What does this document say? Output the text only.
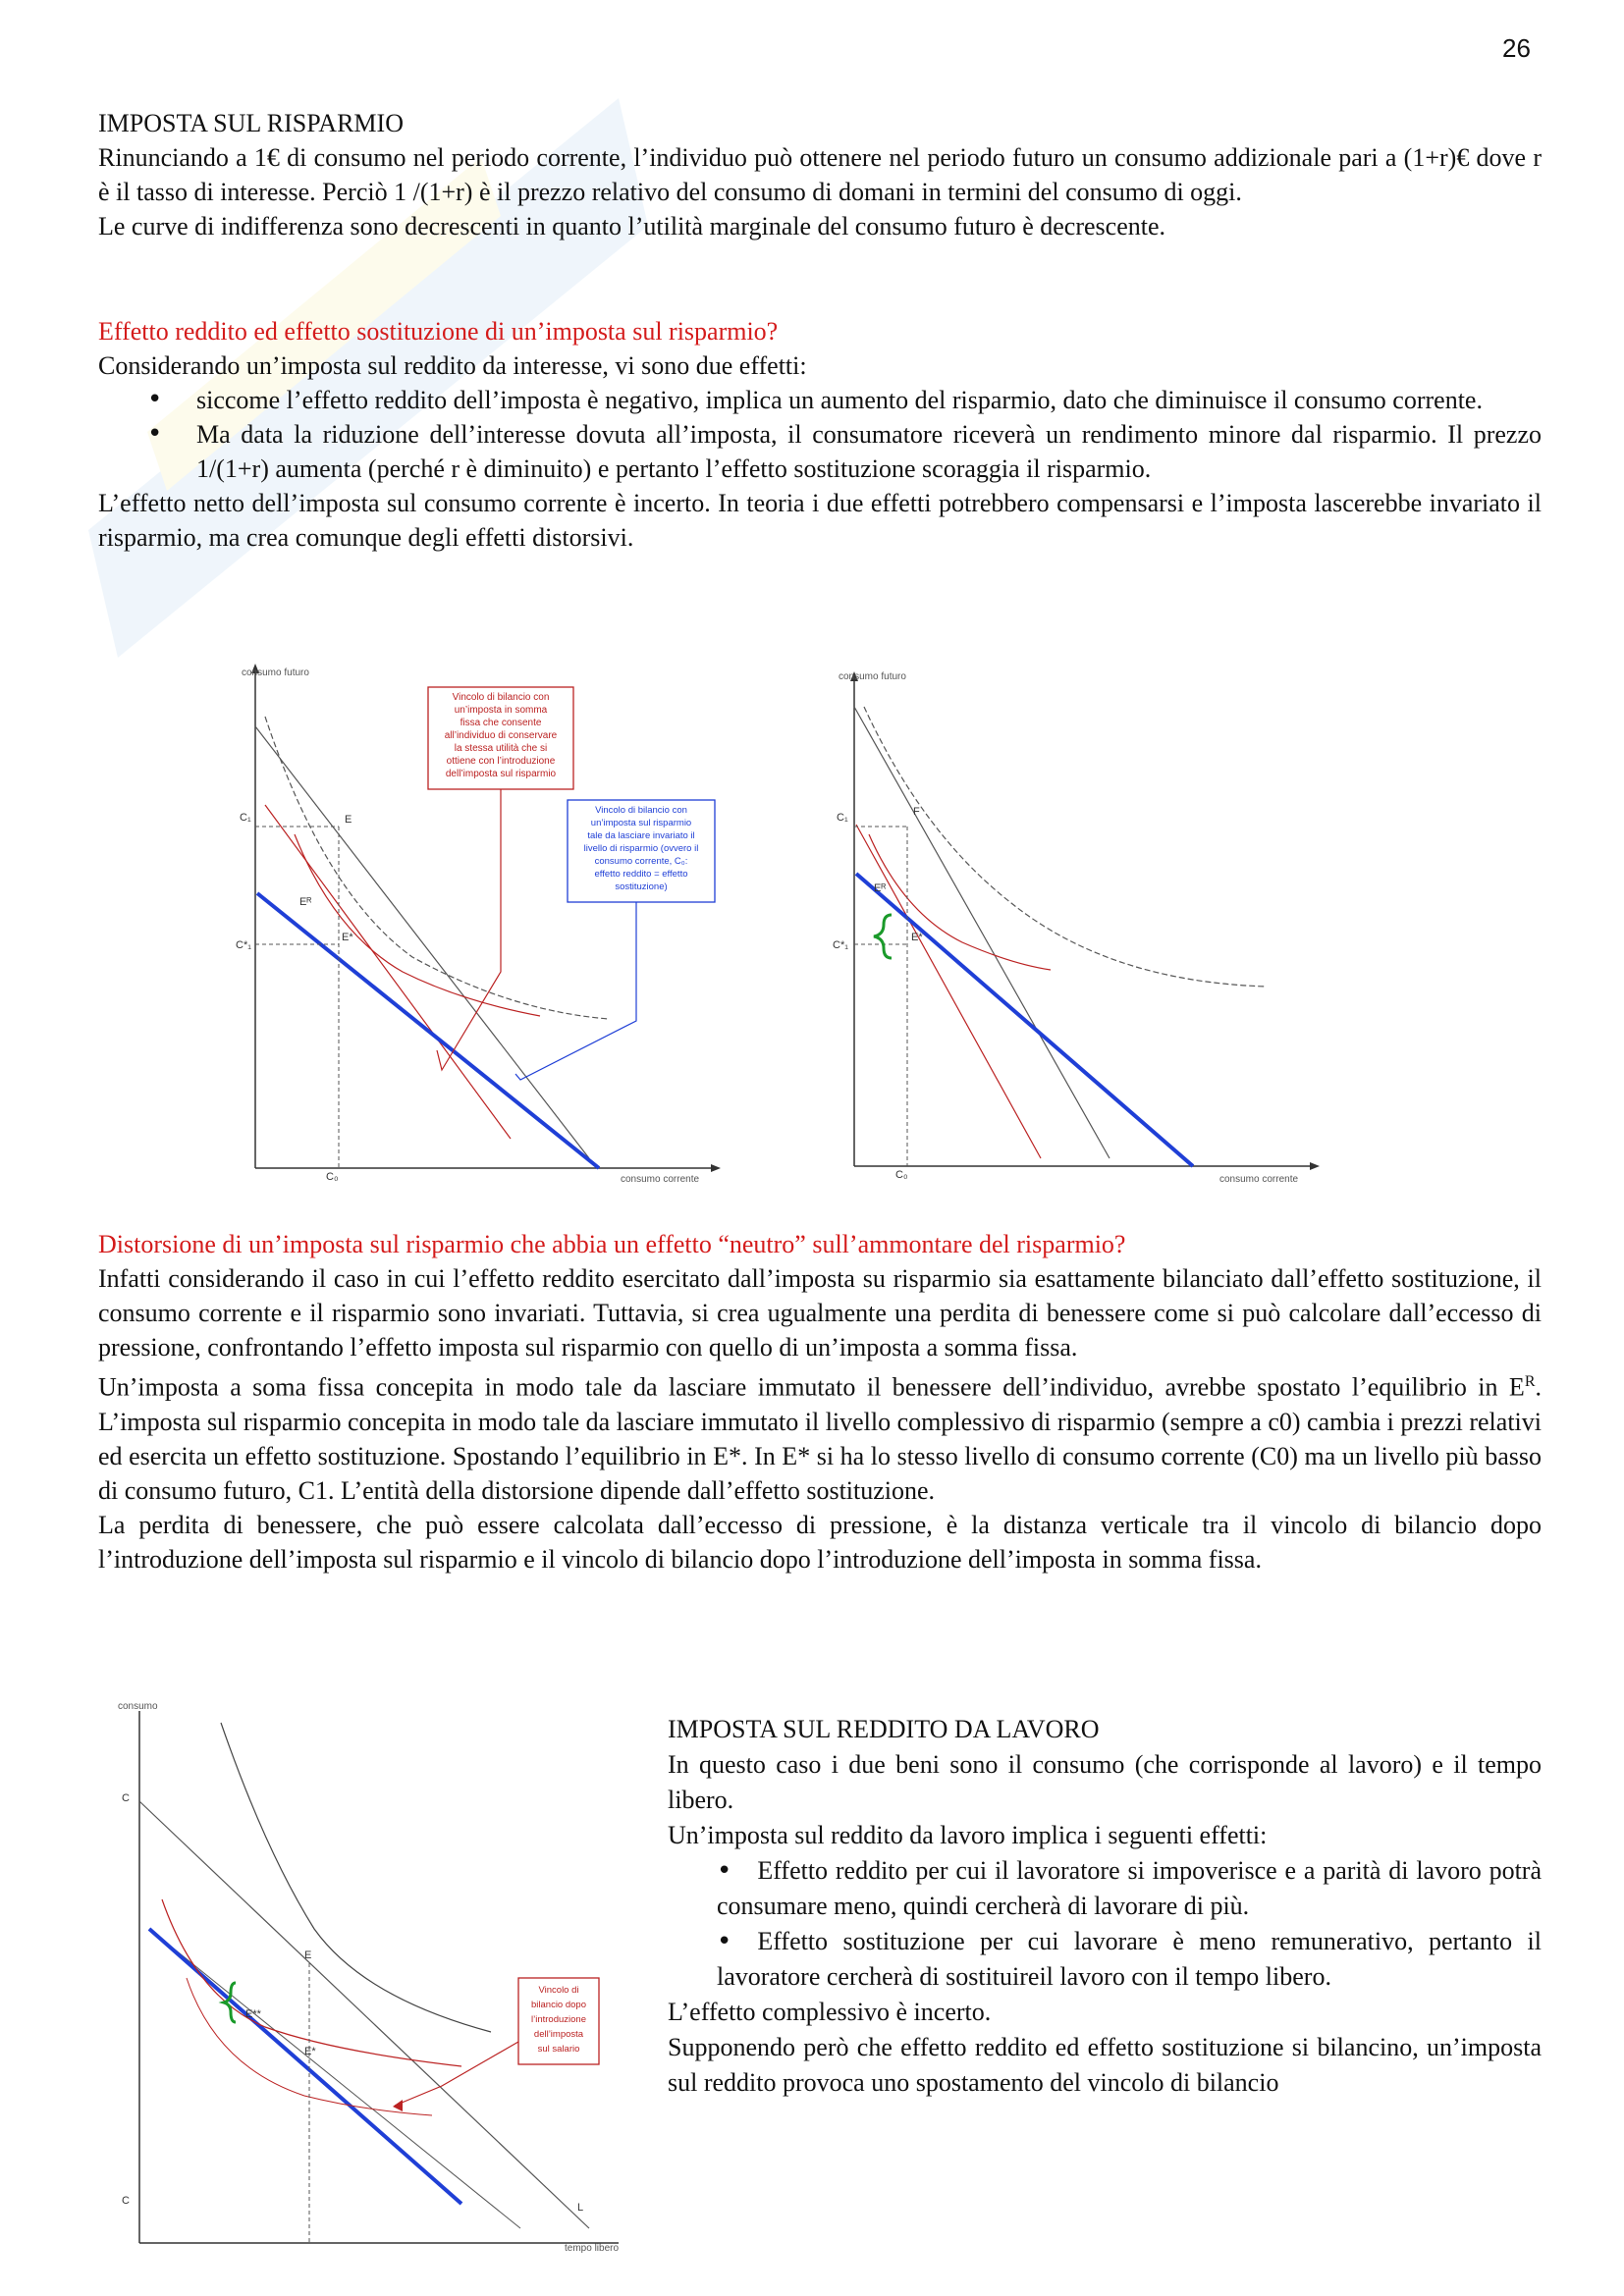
26

IMPOSTA SUL RISPARMIO

Rinunciando a 1€ di consumo nel periodo corrente, l’individuo può ottenere nel periodo futuro un consumo addizionale pari a (1+r)€ dove r è il tasso di interesse. Perciò 1 /(1+r) è il prezzo relativo del consumo di domani in termini del consumo di oggi.

Le curve di indifferenza sono decrescenti in quanto l’utilità marginale del consumo futuro è decrescente.

Effetto reddito ed effetto sostituzione di un’imposta sul risparmio?

Considerando un’imposta sul reddito da interesse, vi sono due effetti:

• siccome l’effetto reddito dell’imposta è negativo, implica un aumento del risparmio, dato che diminuisce il consumo corrente.
• Ma data la riduzione dell’interesse dovuta all’imposta, il consumatore riceverà un rendimento minore dal risparmio. Il prezzo 1/(1+r) aumenta (perché r è diminuito) e pertanto l’effetto sostituzione scoraggia il risparmio.

L’effetto netto dell’imposta sul consumo corrente è incerto. In teoria i due effetti potrebbero compensarsi e l’imposta lascerebbe invariato il risparmio, ma crea comunque degli effetti distorsivi.

consumo futuro
consumo corrente
C₁
C*₁
C₀
E
Eᴿ
E*
Vincolo di bilancio con
un’imposta in somma
fissa che consente
all’individuo di conservare
la stessa utilità che si
ottiene con l’introduzione
dell’imposta sul risparmio
Vincolo di bilancio con
un’imposta sul risparmio
tale da lasciare invariato il
livello di risparmio (ovvero il
consumo corrente, C₀:
effetto reddito = effetto
sostituzione)
consumo futuro
consumo corrente
C₁
C*₁
C₀
F
Eᴿ
E*

Distorsione di un’imposta sul risparmio che abbia un effetto “neutro” sull’ammontare del risparmio?

Infatti considerando il caso in cui l’effetto reddito esercitato dall’imposta su risparmio sia esattamente bilanciato dall’effetto sostituzione, il consumo corrente e il risparmio sono invariati. Tuttavia, si crea ugualmente una perdita di benessere come si può calcolare dall’eccesso di pressione, confrontando l’effetto imposta sul risparmio con quello di un’imposta a somma fissa.

Un’imposta a soma fissa concepita in modo tale da lasciare immutato il benessere dell’individuo, avrebbe spostato l’equilibrio in $E^R$. L’imposta sul risparmio concepita in modo tale da lasciare immutato il livello complessivo di risparmio (sempre a c0) cambia i prezzi relativi ed esercita un effetto sostituzione. Spostando l’equilibrio in E*. In E* si ha lo stesso livello di consumo corrente (C0) ma un livello più basso di consumo futuro, C1. L’entità della distorsione dipende dall’effetto sostituzione.

La perdita di benessere, che può essere calcolata dall’eccesso di pressione, è la distanza verticale tra il vincolo di bilancio dopo l’introduzione dell’imposta sul risparmio e il vincolo di bilancio dopo l’introduzione dell’imposta in somma fissa.

consumo
tempo libero
C
C
E
E**
E*
L
Vincolo di
bilancio dopo
l’introduzione
dell’imposta
sul salario

IMPOSTA SUL REDDITO DA LAVORO

In questo caso i due beni sono il consumo (che corrisponde al lavoro) e il tempo libero.

Un’imposta sul reddito da lavoro implica i seguenti effetti:

• Effetto reddito per cui il lavoratore si impoverisce e a parità di lavoro potrà consumare meno, quindi cercherà di lavorare di più.

• Effetto sostituzione per cui lavorare è meno remunerativo, pertanto il lavoratore cercherà di sostituireil lavoro con il tempo libero.

L’effetto complessivo è incerto.

Supponendo però che effetto reddito ed effetto sostituzione si bilancino, un’imposta sul reddito provoca uno spostamento del vincolo di bilancio
